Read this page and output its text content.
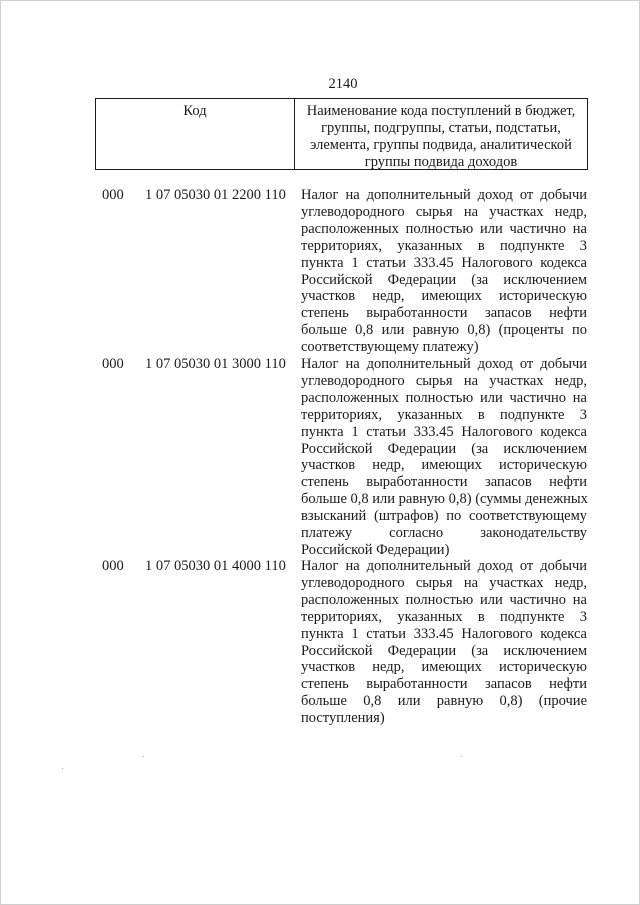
2140
Код	Наименование кода поступлений в бюджет,
группы, подгруппы, статьи, подстатьи,
элемента, группы подвида, аналитической
группы подвида доходов
000 1 07 05030 01 2200 110 Налог на дополнительный доход от добычи
углеводородного сырья на участках недр,
расположенных полностью или частично на
территориях, указанных в подпункте 3
пункта 1 статьи 333.45 Налогового кодекса
Российской Федерации (за исключением
участков недр, имеющих историческую
степень выработанности запасов нефти
больше 0,8 или равную 0,8) (проценты по
соответствующему платежу)
000 1 07 05030 01 3000 110 Налог на дополнительный доход от добычи
углеводородного сырья на участках недр,
расположенных полностью или частично на
территориях, указанных в подпункте 3
пункта 1 статьи 333.45 Налогового кодекса
Российской Федерации (за исключением
участков недр, имеющих историческую
степень выработанности запасов нефти
больше 0,8 или равную 0,8) (суммы денежных
взысканий (штрафов) по соответствующему
платежу согласно законодательству
Российской Федерации)
000 1 07 05030 01 4000 110 Налог на дополнительный доход от добычи
углеводородного сырья на участках недр,
расположенных полностью или частично на
территориях, указанных в подпункте 3
пункта 1 статьи 333.45 Налогового кодекса
Российской Федерации (за исключением
участков недр, имеющих историческую
степень выработанности запасов нефти
больше 0,8 или равную 0,8) (прочие
поступления)
